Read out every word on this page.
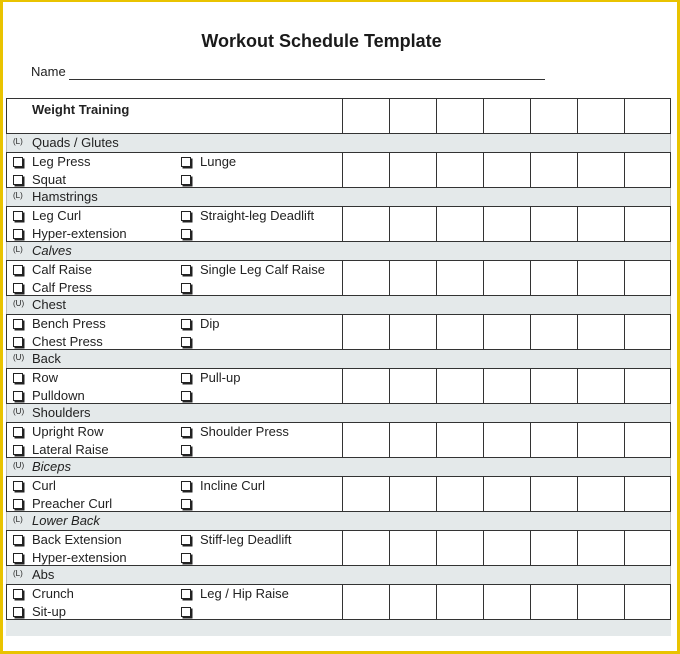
Workout Schedule Template
Name
Weight Training
(L) Quads / Glutes
Leg Press
Squat
Lunge
(L) Hamstrings
Leg Curl
Hyper-extension
Straight-leg Deadlift
(L) Calves
Calf Raise
Calf Press
Single Leg Calf Raise
(U) Chest
Bench Press
Chest Press
Dip
(U) Back
Row
Pulldown
Pull-up
(U) Shoulders
Upright Row
Lateral Raise
Shoulder Press
(U) Biceps
Curl
Preacher Curl
Incline Curl
(L) Lower Back
Back Extension
Hyper-extension
Stiff-leg Deadlift
(L) Abs
Crunch
Sit-up
Leg / Hip Raise
